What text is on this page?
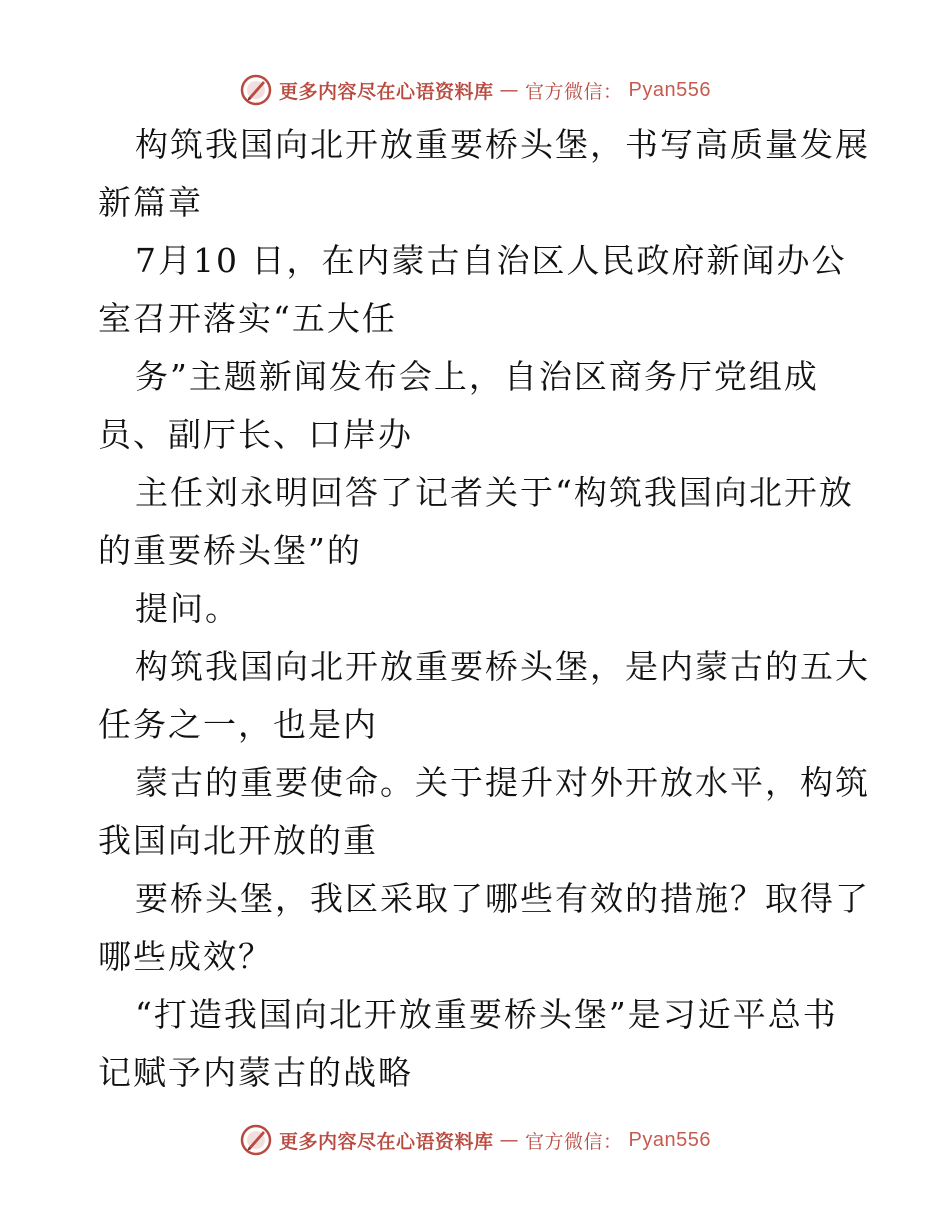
更多内容尽在心语资料库 — 官方微信： Pyan556
构筑我国向北开放重要桥头堡，书写高质量发展
新篇章
7月10 日，在内蒙古自治区人民政府新闻办公
室召开落实“五大任
务”主题新闻发布会上，自治区商务厅党组成
员、副厅长、口岸办
主任刘永明回答了记者关于“构筑我国向北开放
的重要桥头堡”的
提问。
构筑我国向北开放重要桥头堡，是内蒙古的五大
任务之一，也是内
蒙古的重要使命。关于提升对外开放水平，构筑
我国向北开放的重
要桥头堡，我区采取了哪些有效的措施？取得了
哪些成效？
“打造我国向北开放重要桥头堡”是习近平总书
记赋予内蒙古的战略
更多内容尽在心语资料库 — 官方微信： Pyan556
